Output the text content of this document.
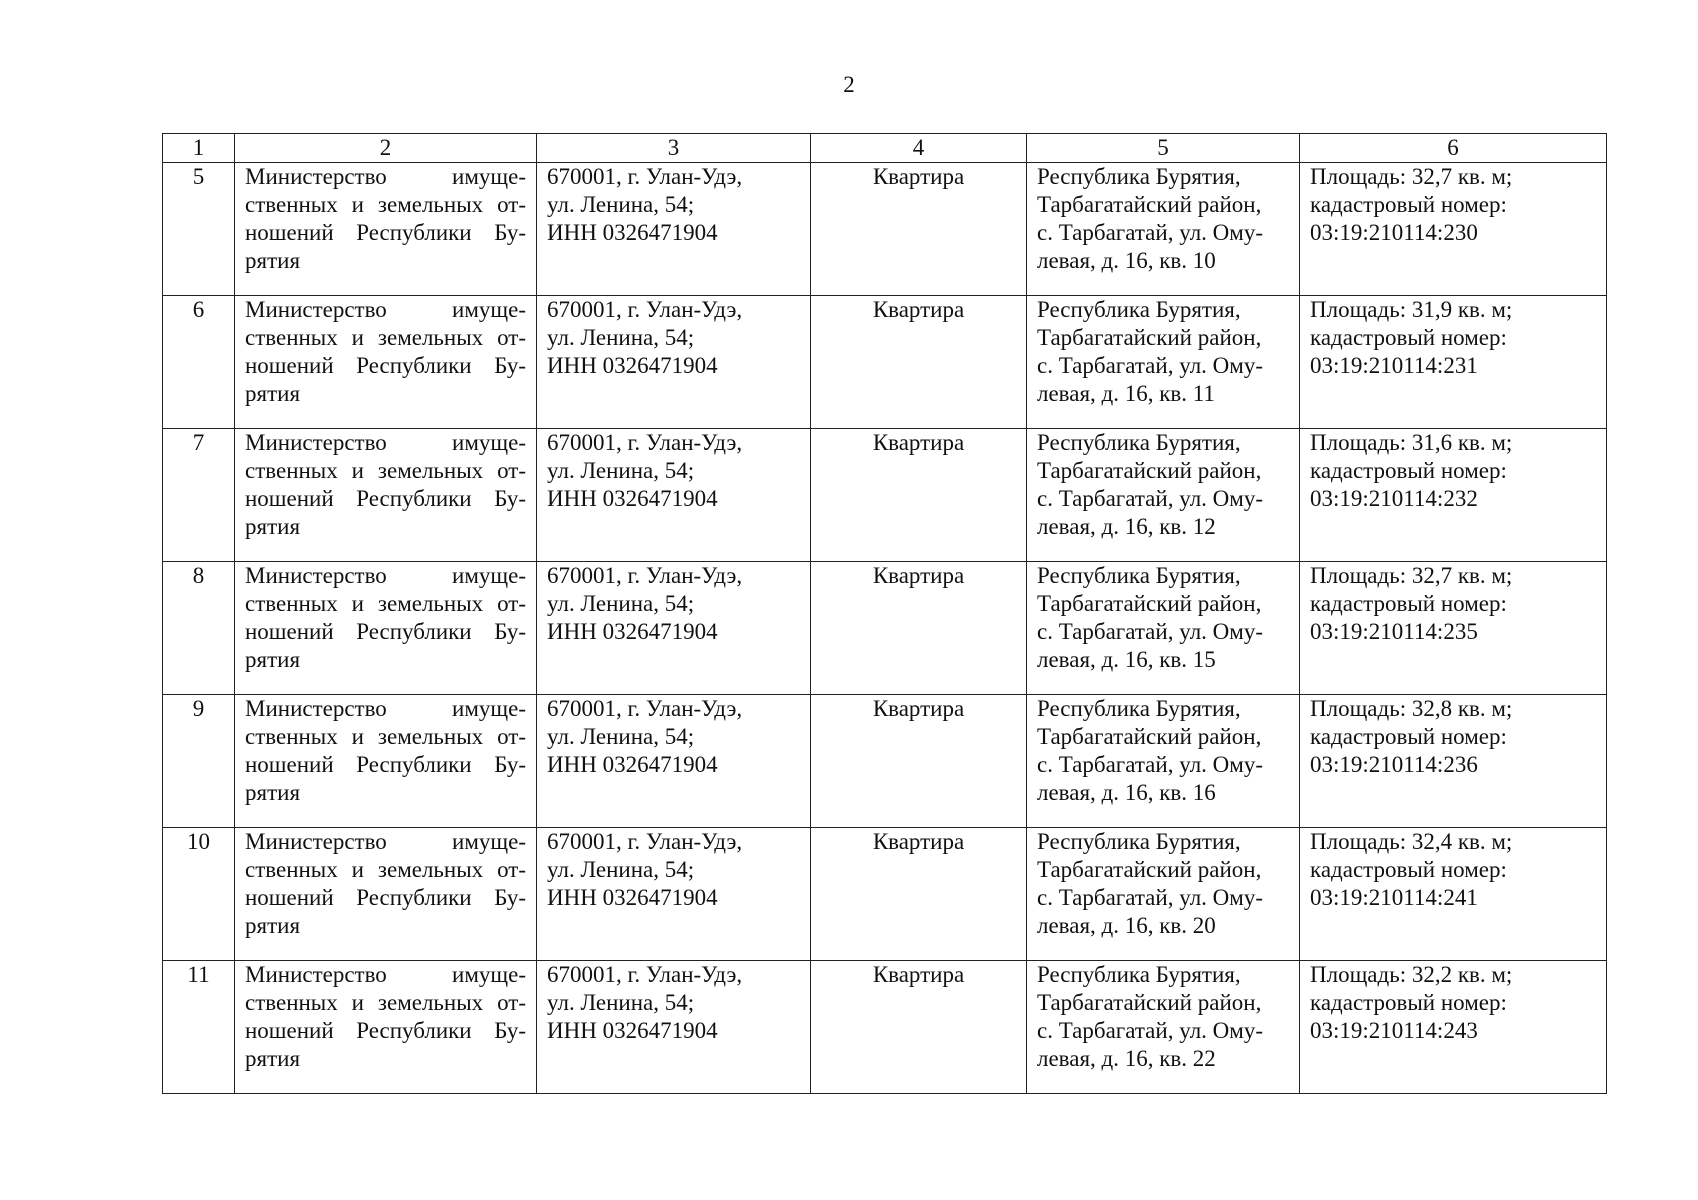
2
1	2	3	4	5	6
5	Министерство имуще-
ственных и земельных от-
ношений Республики Бу-
рятия	670001, г. Улан-Удэ,
ул. Ленина, 54;
ИНН 0326471904	Квартира	Республика Бурятия,
Тарбагатайский район,
с. Тарбагатай, ул. Ому-
левая, д. 16, кв. 10	Площадь: 32,7 кв. м;
кадастровый номер:
03:19:210114:230

6	Министерство имуще-
ственных и земельных от-
ношений Республики Бу-
рятия	670001, г. Улан-Удэ,
ул. Ленина, 54;
ИНН 0326471904	Квартира	Республика Бурятия,
Тарбагатайский район,
с. Тарбагатай, ул. Ому-
левая, д. 16, кв. 11	Площадь: 31,9 кв. м;
кадастровый номер:
03:19:210114:231

7	Министерство имуще-
ственных и земельных от-
ношений Республики Бу-
рятия	670001, г. Улан-Удэ,
ул. Ленина, 54;
ИНН 0326471904	Квартира	Республика Бурятия,
Тарбагатайский район,
с. Тарбагатай, ул. Ому-
левая, д. 16, кв. 12	Площадь: 31,6 кв. м;
кадастровый номер:
03:19:210114:232

8	Министерство имуще-
ственных и земельных от-
ношений Республики Бу-
рятия	670001, г. Улан-Удэ,
ул. Ленина, 54;
ИНН 0326471904	Квартира	Республика Бурятия,
Тарбагатайский район,
с. Тарбагатай, ул. Ому-
левая, д. 16, кв. 15	Площадь: 32,7 кв. м;
кадастровый номер:
03:19:210114:235

9	Министерство имуще-
ственных и земельных от-
ношений Республики Бу-
рятия	670001, г. Улан-Удэ,
ул. Ленина, 54;
ИНН 0326471904	Квартира	Республика Бурятия,
Тарбагатайский район,
с. Тарбагатай, ул. Ому-
левая, д. 16, кв. 16	Площадь: 32,8 кв. м;
кадастровый номер:
03:19:210114:236

10	Министерство имуще-
ственных и земельных от-
ношений Республики Бу-
рятия	670001, г. Улан-Удэ,
ул. Ленина, 54;
ИНН 0326471904	Квартира	Республика Бурятия,
Тарбагатайский район,
с. Тарбагатай, ул. Ому-
левая, д. 16, кв. 20	Площадь: 32,4 кв. м;
кадастровый номер:
03:19:210114:241

11	Министерство имуще-
ственных и земельных от-
ношений Республики Бу-
рятия	670001, г. Улан-Удэ,
ул. Ленина, 54;
ИНН 0326471904	Квартира	Республика Бурятия,
Тарбагатайский район,
с. Тарбагатай, ул. Ому-
левая, д. 16, кв. 22	Площадь: 32,2 кв. м;
кадастровый номер:
03:19:210114:243
